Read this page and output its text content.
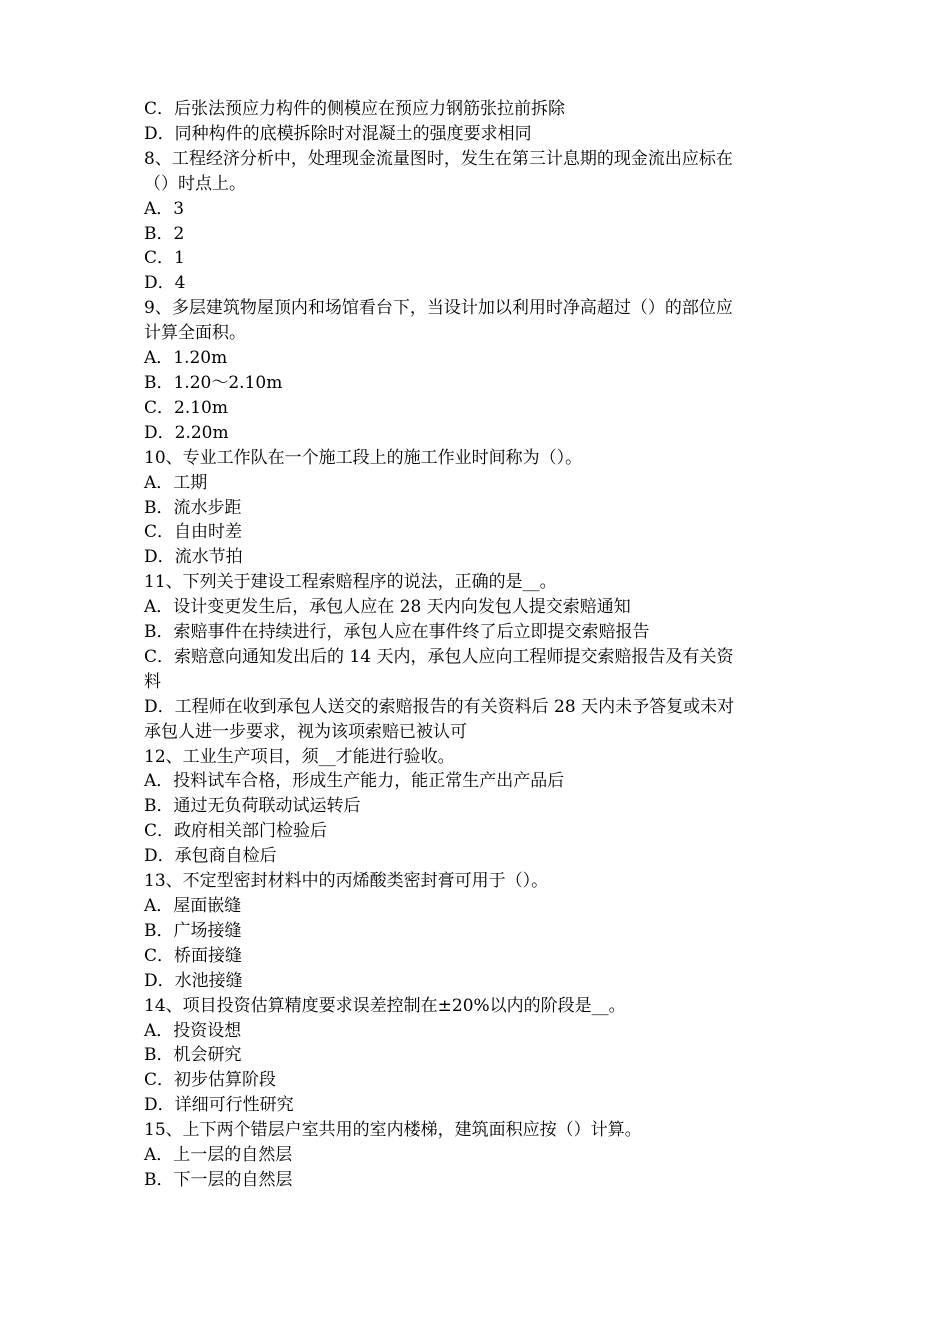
C．后张法预应力构件的侧模应在预应力钢筋张拉前拆除

D．同种构件的底模拆除时对混凝土的强度要求相同

8、工程经济分析中，处理现金流量图时，发生在第三计息期的现金流出应标在

（）时点上。

A．3

B．2

C．1

D．4

9、多层建筑物屋顶内和场馆看台下，当设计加以利用时净高超过（）的部位应

计算全面积。

A．1.20m

B．1.20～2.10m

C．2.10m

D．2.20m

10、专业工作队在一个施工段上的施工作业时间称为（）。

A．工期

B．流水步距

C．自由时差

D．流水节拍

11、下列关于建设工程索赔程序的说法，正确的是__。

A．设计变更发生后，承包人应在 28 天内向发包人提交索赔通知

B．索赔事件在持续进行，承包人应在事件终了后立即提交索赔报告

C．索赔意向通知发出后的 14 天内，承包人应向工程师提交索赔报告及有关资

料

D．工程师在收到承包人送交的索赔报告的有关资料后 28 天内未予答复或未对

承包人进一步要求，视为该项索赔已被认可

12、工业生产项目，须__才能进行验收。

A．投料试车合格，形成生产能力，能正常生产出产品后

B．通过无负荷联动试运转后

C．政府相关部门检验后

D．承包商自检后

13、不定型密封材料中的丙烯酸类密封膏可用于（）。

A．屋面嵌缝

B．广场接缝

C．桥面接缝

D．水池接缝

14、项目投资估算精度要求误差控制在±20%以内的阶段是__。

A．投资设想

B．机会研究

C．初步估算阶段

D．详细可行性研究

15、上下两个错层户室共用的室内楼梯，建筑面积应按（）计算。

A．上一层的自然层

B．下一层的自然层
